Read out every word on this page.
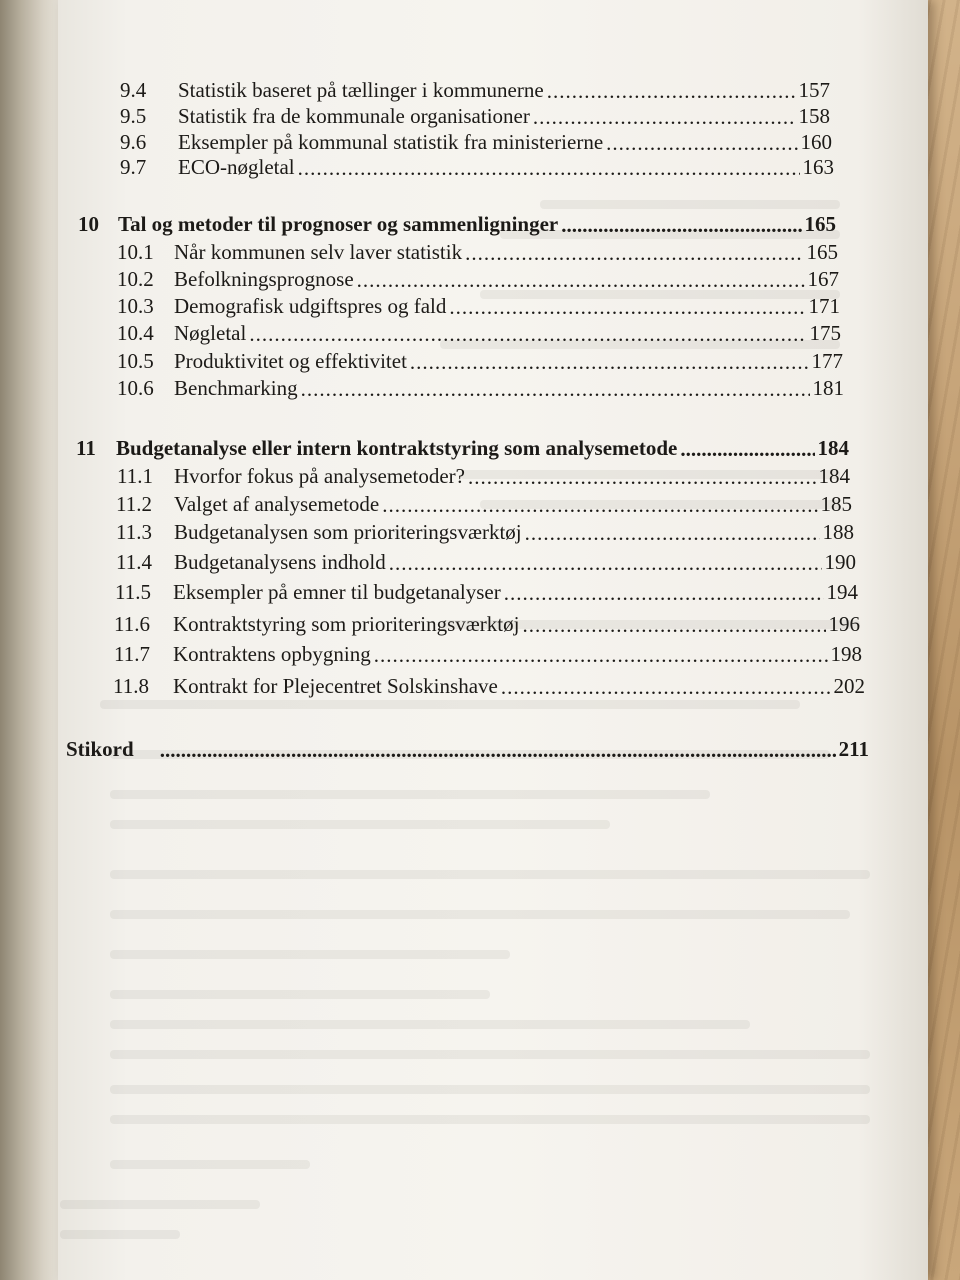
9.4	Statistik baseret på tællinger i kommunerne .....	157
9.5	Statistik fra de kommunale organisationer .....	158
9.6	Eksempler på kommunal statistik fra ministerierne .....	160
9.7	ECO-nøgletal .....	163
10 Tal og metoder til prognoser og sammenligninger .....	165
10.1 Når kommunen selv laver statistik .....	165
10.2 Befolkningsprognose .....	167
10.3 Demografisk udgiftspres og fald .....	171
10.4 Nøgletal .....	175
10.5 Produktivitet og effektivitet .....	177
10.6 Benchmarking .....	181
11 Budgetanalyse eller intern kontraktstyring som analysemetode .....	184
11.1	Hvorfor fokus på analysemetoder? .....	184
11.2	Valget af analysemetode .....	185
11.3	Budgetanalysen som prioriteringsværktøj .....	188
11.4	Budgetanalysens indhold .....	190
11.5	Eksempler på emner til budgetanalyser .....	194
11.6	Kontraktstyring som prioriteringsværktøj .....	196
11.7	Kontraktens opbygning .....	198
11.8	Kontrakt for Plejecentret Solskinshave .....	202
Stikord .....	211
